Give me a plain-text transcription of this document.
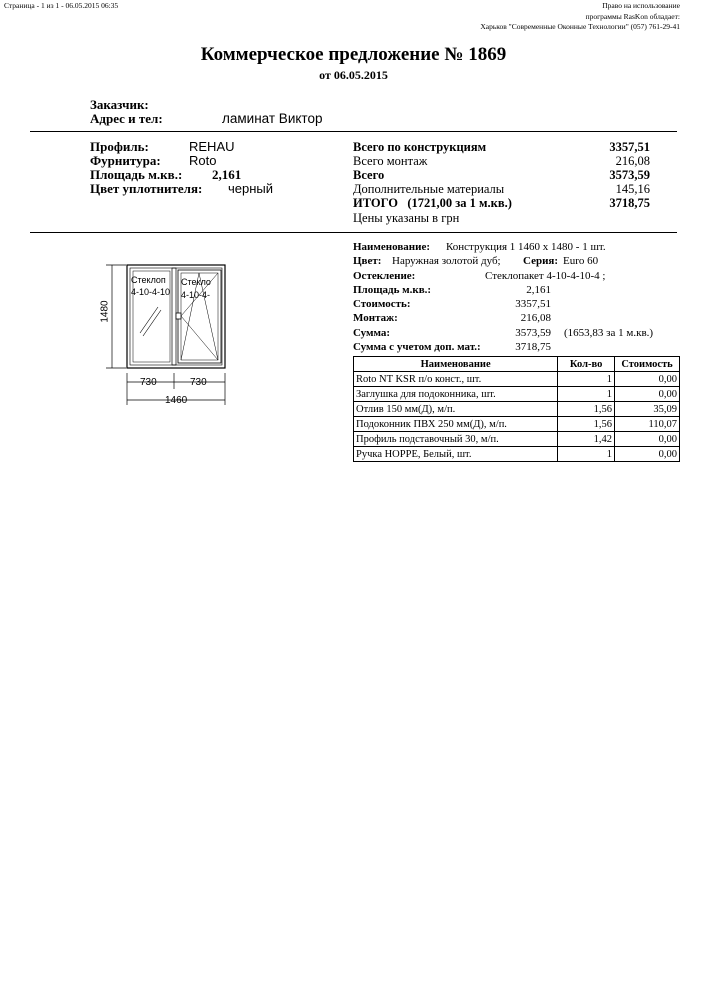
Страница - 1 из 1 - 06.05.2015 06:35	Право на использование
программы RasKon обладает:
Харьков "Современные Оконные Технологии" (057) 761-29-41
Коммерческое предложение № 1869
от 06.05.2015
Заказчик:
Адрес и тел:	ламинат Виктор
Профиль:	REHAU
Фурнитура: Roto
Площадь м.кв.: 2,161
Цвет уплотнителя: черный
Всего по конструкциям	3357,51
Всего монтаж	216,08
Всего	3573,59
Дополнительные материалы	145,16
ИТОГО   (1721,00 за 1 м.кв.)	3718,75
Цены указаны в грн
Стеклоп
4-10-4-10
Стекло
4-10-4-
1480
730	730
1460
Наименование: Конструкция 1 1460 х 1480 - 1 шт.
Цвет: Наружная золотой дуб; Серия: Euro 60
Остекление:	Стеклопакет 4-10-4-10-4 ;
Площадь м.кв.:	2,161
Стоимость:	3357,51
Монтаж:	216,08
Сумма:	3573,59 (1653,83 за 1 м.кв.)
Сумма с учетом доп. мат.:	3718,75
Наименование	Кол-во	Стоимость
Roto NT KSR п/о конст., шт.	1	0,00
Заглушка для подоконника, шт.	1	0,00
Отлив 150 мм(Д), м/п.	1,56	35,09
Подоконник ПВХ 250 мм(Д), м/п.	1,56	110,07
Профиль подставочный 30, м/п.	1,42	0,00
Ручка HOPPE, Белый, шт.	1	0,00
